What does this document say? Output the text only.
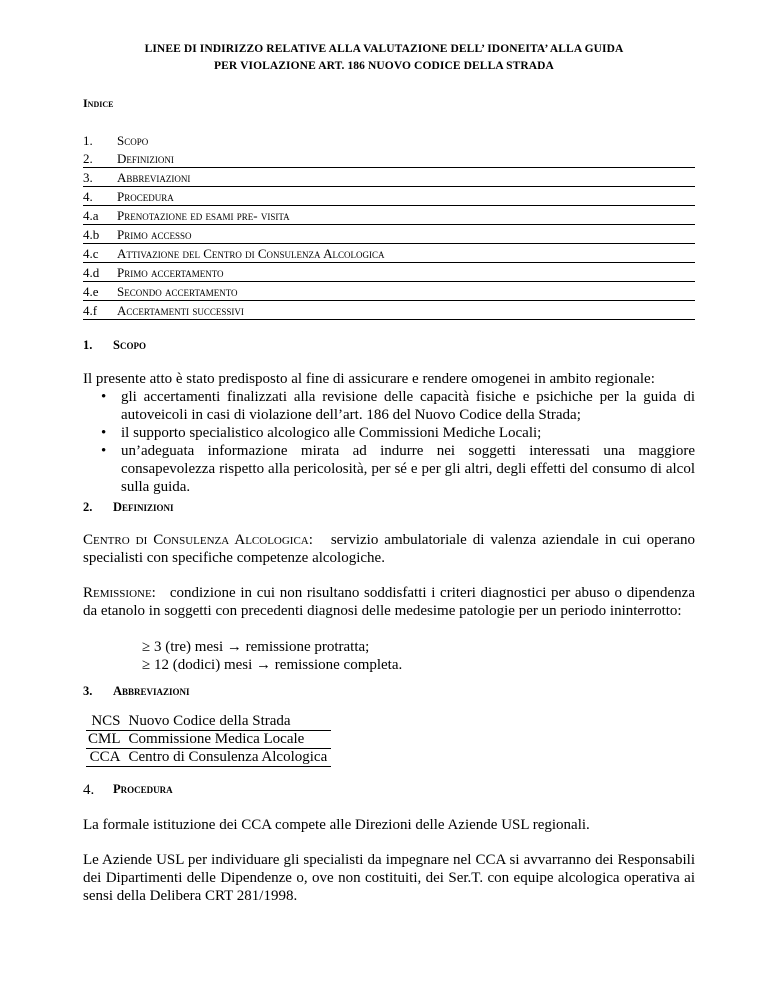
LINEE DI INDIRIZZO RELATIVE ALLA VALUTAZIONE DELL’ IDONEITA’ ALLA GUIDA
PER VIOLAZIONE ART. 186 NUOVO CODICE DELLA STRADA
Indice
1. Scopo
2. Definizioni
3. Abbreviazioni
4. Procedura
4.a Prenotazione ed esami pre- visita
4.b Primo accesso
4.c Attivazione del Centro di Consulenza Alcologica
4.d Primo accertamento
4.e Secondo accertamento
4.f Accertamenti successivi
1. Scopo
Il presente atto è stato predisposto al fine di assicurare e rendere omogenei in ambito regionale:
• gli accertamenti finalizzati alla revisione delle capacità fisiche e psichiche per la guida di autoveicoli in casi di violazione dell’art. 186 del Nuovo Codice della Strada;
• il supporto specialistico alcologico alle Commissioni Mediche Locali;
• un’adeguata informazione mirata ad indurre nei soggetti interessati una maggiore consapevolezza rispetto alla pericolosità, per sé e per gli altri, degli effetti del consumo di alcol sulla guida.
2. Definizioni
Centro di Consulenza Alcologica: servizio ambulatoriale di valenza aziendale in cui operano specialisti con specifiche competenze alcologiche.
Remissione: condizione in cui non risultano soddisfatti i criteri diagnostici per abuso o dipendenza da etanolo in soggetti con precedenti diagnosi delle medesime patologie per un periodo ininterrotto:
≥ 3 (tre) mesi → remissione protratta;
≥ 12 (dodici) mesi → remissione completa.
3. Abbreviazioni
NCS	Nuovo Codice della Strada
CML	Commissione Medica Locale
CCA	Centro di Consulenza Alcologica
4. Procedura
La formale istituzione dei CCA compete alle Direzioni delle Aziende USL regionali.
Le Aziende USL per individuare gli specialisti da impegnare nel CCA si avvarranno dei Responsabili dei Dipartimenti delle Dipendenze o, ove non costituiti, dei Ser.T. con equipe alcologica operativa ai sensi della Delibera CRT 281/1998.
